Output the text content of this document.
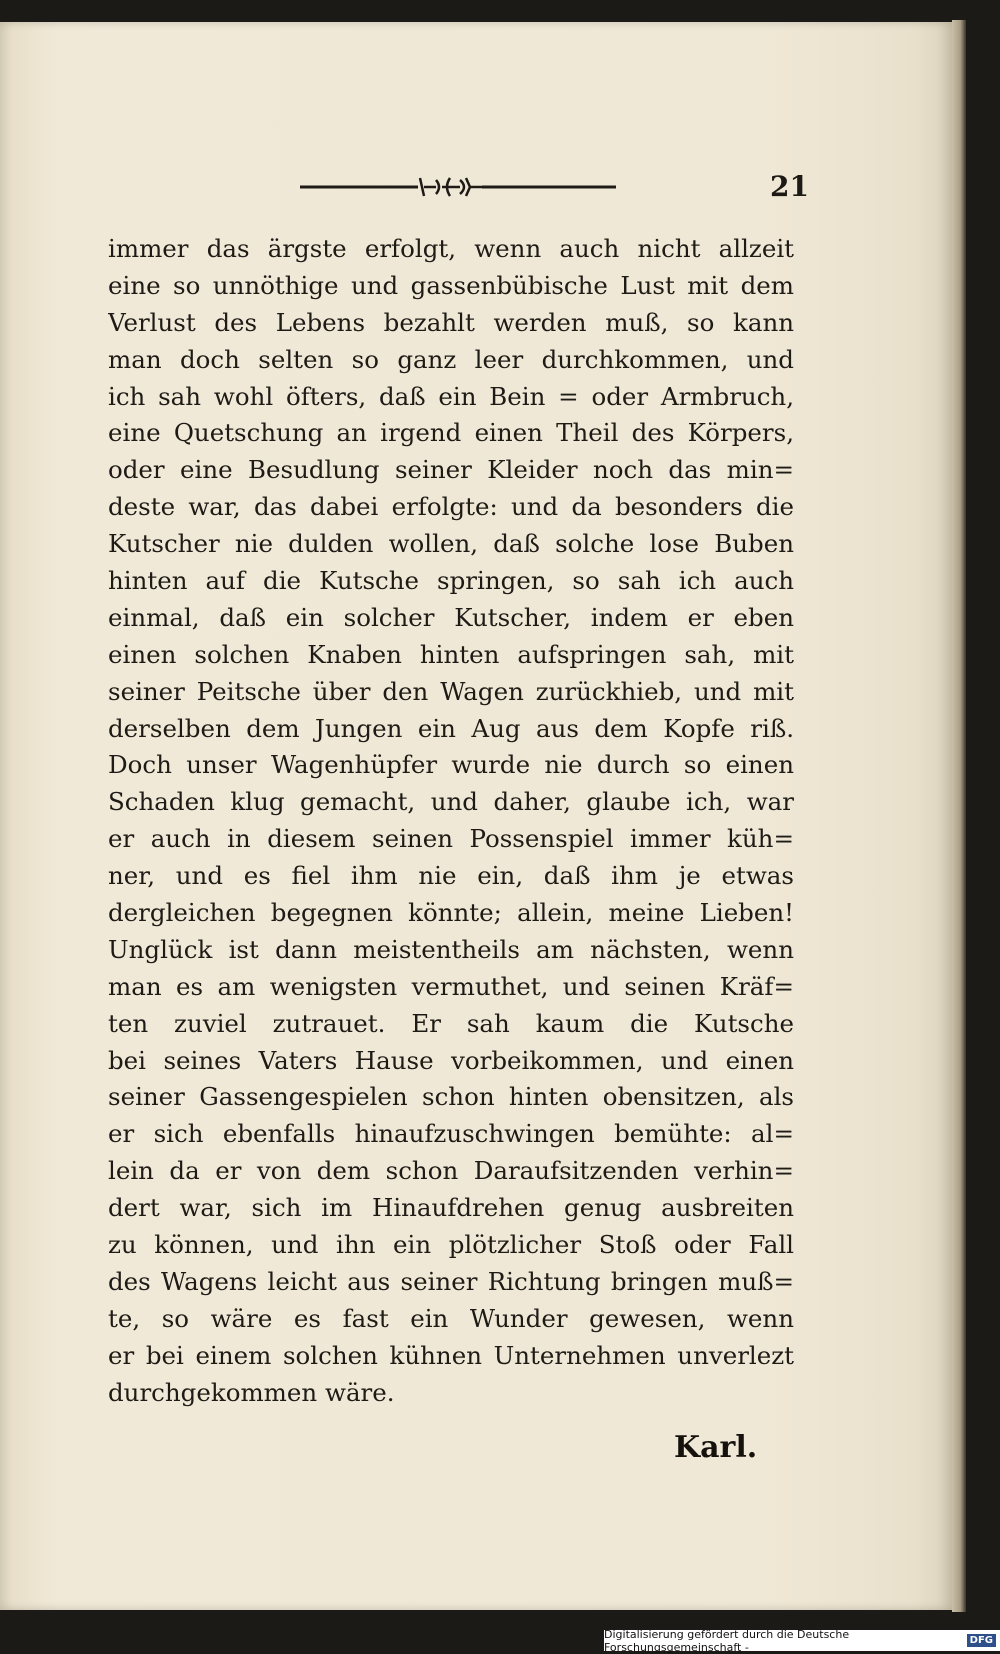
21
immer das ärgste erfolgt, wenn auch nicht allzeit
eine so unnöthige und gassenbübische Lust mit dem
Verlust des Lebens bezahlt werden muß, so kann
man doch selten so ganz leer durchkommen, und
ich sah wohl öfters, daß ein Bein = oder Armbruch,
eine Quetschung an irgend einen Theil des Körpers,
oder eine Besudlung seiner Kleider noch das min=
deste war, das dabei erfolgte: und da besonders die
Kutscher nie dulden wollen, daß solche lose Buben
hinten auf die Kutsche springen, so sah ich auch
einmal, daß ein solcher Kutscher, indem er eben
einen solchen Knaben hinten aufspringen sah, mit
seiner Peitsche über den Wagen zurückhieb, und mit
derselben dem Jungen ein Aug aus dem Kopfe riß.
Doch unser Wagenhüpfer wurde nie durch so einen
Schaden klug gemacht, und daher, glaube ich, war
er auch in diesem seinen Possenspiel immer küh=
ner, und es fiel ihm nie ein, daß ihm je etwas
dergleichen begegnen könnte; allein, meine Lieben!
Unglück ist dann meistentheils am nächsten, wenn
man es am wenigsten vermuthet, und seinen Kräf=
ten zuviel zutrauet. Er sah kaum die Kutsche
bei seines Vaters Hause vorbeikommen, und einen
seiner Gassengespielen schon hinten obensitzen, als
er sich ebenfalls hinaufzuschwingen bemühte: al=
lein da er von dem schon Daraufsitzenden verhin=
dert war, sich im Hinaufdrehen genug ausbreiten
zu können, und ihn ein plötzlicher Stoß oder Fall
des Wagens leicht aus seiner Richtung bringen muß=
te, so wäre es fast ein Wunder gewesen, wenn
er bei einem solchen kühnen Unternehmen unverlezt
durchgekommen wäre.
Karl.
Digitalisierung gefördert durch die Deutsche Forschungsgemeinschaft -	DFG
